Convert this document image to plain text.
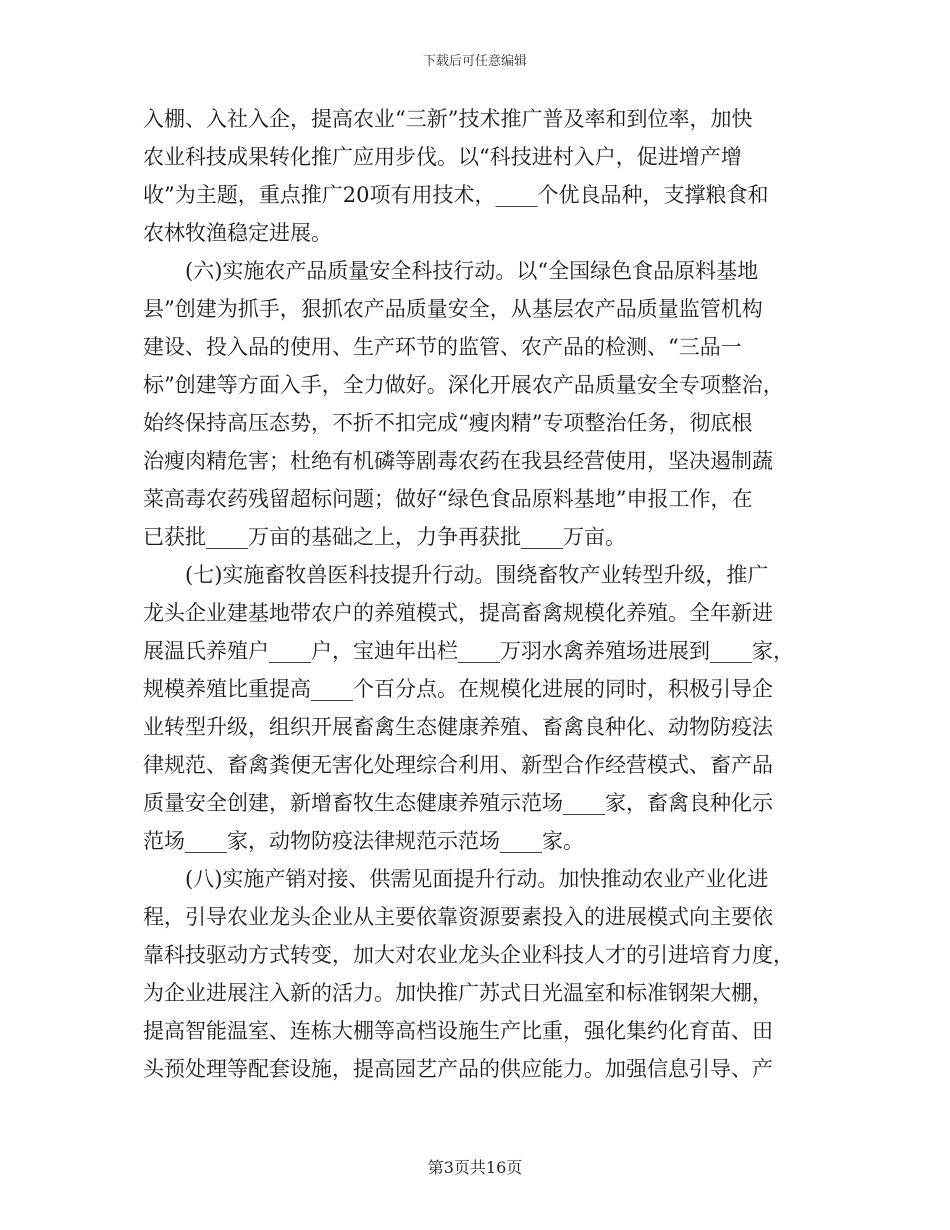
下载后可任意编辑
入棚、入社入企，提高农业“三新”技术推广普及率和到位率，加快
农业科技成果转化推广应用步伐。以“科技进村入户，促进增产增
收”为主题，重点推广20项有用技术，____个优良品种，支撑粮食和
农林牧渔稳定进展。
(六)实施农产品质量安全科技行动。以“全国绿色食品原料基地
县”创建为抓手，狠抓农产品质量安全，从基层农产品质量监管机构
建设、投入品的使用、生产环节的监管、农产品的检测、“三品一
标”创建等方面入手，全力做好。深化开展农产品质量安全专项整治，
始终保持高压态势，不折不扣完成“瘦肉精”专项整治任务，彻底根
治瘦肉精危害；杜绝有机磷等剧毒农药在我县经营使用，坚决遏制蔬
菜高毒农药残留超标问题；做好“绿色食品原料基地”申报工作，在
已获批____万亩的基础之上，力争再获批____万亩。
(七)实施畜牧兽医科技提升行动。围绕畜牧产业转型升级，推广
龙头企业建基地带农户的养殖模式，提高畜禽规模化养殖。全年新进
展温氏养殖户____户，宝迪年出栏____万羽水禽养殖场进展到____家，
规模养殖比重提高____个百分点。在规模化进展的同时，积极引导企
业转型升级，组织开展畜禽生态健康养殖、畜禽良种化、动物防疫法
律规范、畜禽粪便无害化处理综合利用、新型合作经营模式、畜产品
质量安全创建，新增畜牧生态健康养殖示范场____家，畜禽良种化示
范场____家，动物防疫法律规范示范场____家。
(八)实施产销对接、供需见面提升行动。加快推动农业产业化进
程，引导农业龙头企业从主要依靠资源要素投入的进展模式向主要依
靠科技驱动方式转变，加大对农业龙头企业科技人才的引进培育力度，
为企业进展注入新的活力。加快推广苏式日光温室和标准钢架大棚，
提高智能温室、连栋大棚等高档设施生产比重，强化集约化育苗、田
头预处理等配套设施，提高园艺产品的供应能力。加强信息引导、产
第3页共16页
